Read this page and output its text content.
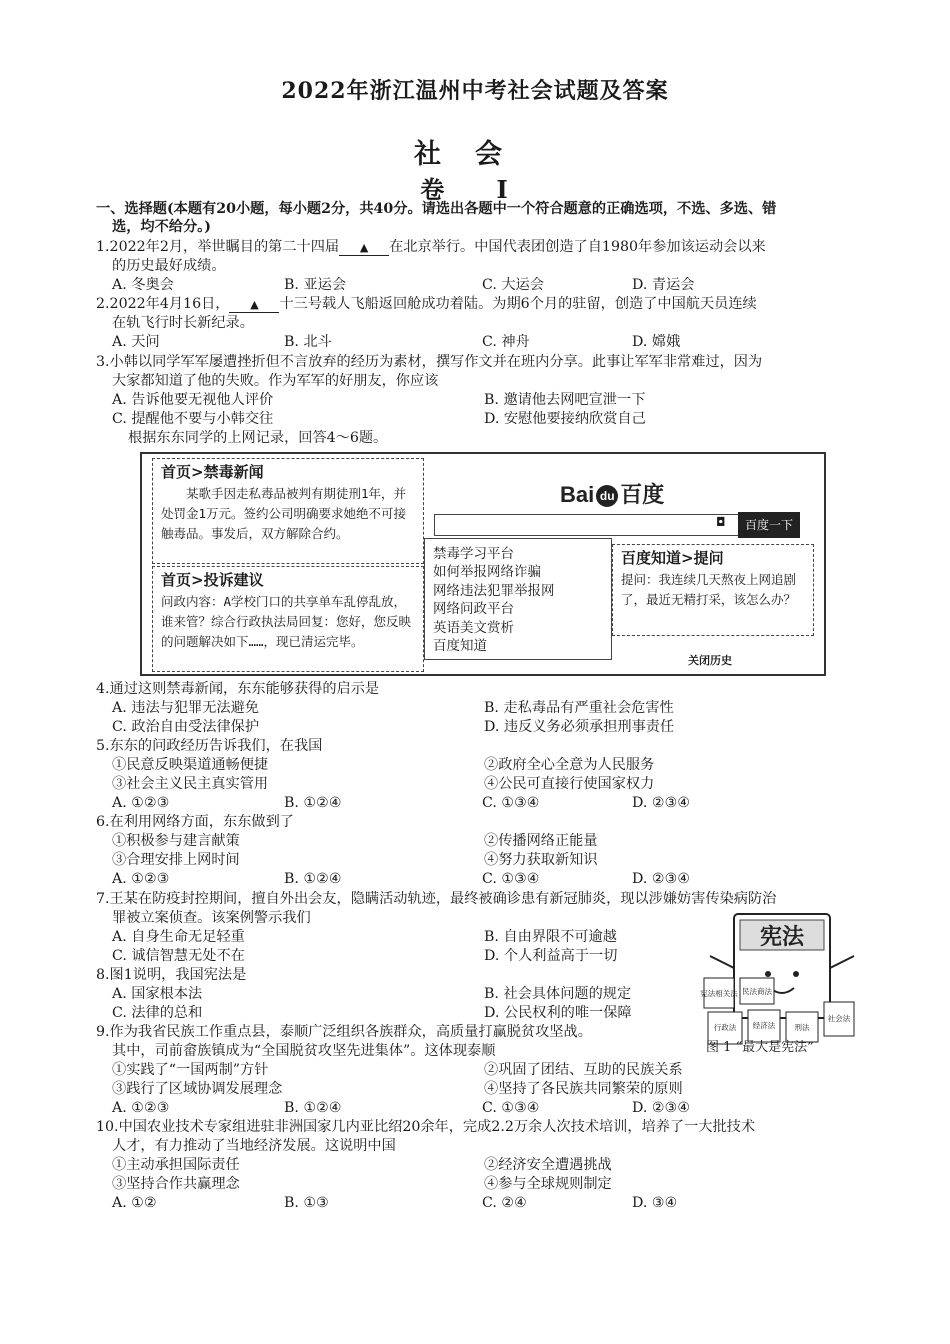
2022年浙江温州中考社会试题及答案
社会
卷 Ⅰ
一、选择题(本题有20小题，每小题2分，共40分。请选出各题中一个符合题意的正确选项，不选、多选、错
选，均不给分。)
1.2022年2月，举世瞩目的第二十四届 ▲ 在北京举行。中国代表团创造了自1980年参加该运动会以来
的历史最好成绩。
A. 冬奥会	B. 亚运会	C. 大运会	D. 青运会
2.2022年4月16日， ▲ 十三号载人飞船返回舱成功着陆。为期6个月的驻留，创造了中国航天员连续
在轨飞行时长新纪录。
A. 天问	B. 北斗	C. 神舟	D. 嫦娥
3.小韩以同学军军屡遭挫折但不言放弃的经历为素材，撰写作文并在班内分享。此事让军军非常难过，因为
大家都知道了他的失败。作为军军的好朋友，你应该
A. 告诉他要无视他人评价	B. 邀请他去网吧宣泄一下
C. 提醒他不要与小韩交往	D. 安慰他要接纳欣赏自己
根据东东同学的上网记录，回答4～6题。
首页>禁毒新闻
某歌手因走私毒品被判有期徒刑1年，并处罚金1万元。签约公司明确要求她绝不可接触毒品。事发后，双方解除合约。
首页>投诉建议
问政内容：A学校门口的共享单车乱停乱放，谁来管？综合行政执法局回复：您好，您反映的问题解决如下……，现已清运完毕。
Bai du 百度
◘	百度一下
禁毒学习平台
如何举报网络诈骗
网络违法犯罪举报网
网络问政平台
英语美文赏析
百度知道
百度知道>提问
提问：我连续几天熬夜上网追剧了，最近无精打采，该怎么办？
关闭历史
4.通过这则禁毒新闻，东东能够获得的启示是
A. 违法与犯罪无法避免	B. 走私毒品有严重社会危害性
C. 政治自由受法律保护	D. 违反义务必须承担刑事责任
5.东东的问政经历告诉我们，在我国
①民意反映渠道通畅便捷	②政府全心全意为人民服务
③社会主义民主真实管用	④公民可直接行使国家权力
A. ①②③	B. ①②④	C. ①③④	D. ②③④
6.在利用网络方面，东东做到了
①积极参与建言献策	②传播网络正能量
③合理安排上网时间	④努力获取新知识
A. ①②③	B. ①②④	C. ①③④	D. ②③④
7.王某在防疫封控期间，擅自外出会友，隐瞒活动轨迹，最终被确诊患有新冠肺炎，现以涉嫌妨害传染病防治
罪被立案侦查。该案例警示我们
A. 自身生命无足轻重	B. 自由界限不可逾越
C. 诚信智慧无处不在	D. 个人利益高于一切
8.图1说明，我国宪法是
A. 国家根本法	B. 社会具体问题的规定
C. 法律的总和	D. 公民权利的唯一保障
宪法
宪法相关法 民法商法
行政法 经济法	刑法
社会法
图 1 “最大是宪法”
9.作为我省民族工作重点县，泰顺广泛组织各族群众，高质量打赢脱贫攻坚战。
其中，司前畲族镇成为“全国脱贫攻坚先进集体”。这体现泰顺
①实践了“一国两制”方针	②巩固了团结、互助的民族关系
③践行了区域协调发展理念	④坚持了各民族共同繁荣的原则
A. ①②③	B. ①②④	C. ①③④	D. ②③④
10.中国农业技术专家组进驻非洲国家几内亚比绍20余年，完成2.2万余人次技术培训，培养了一大批技术
人才，有力推动了当地经济发展。这说明中国
①主动承担国际责任	②经济安全遭遇挑战
③坚持合作共赢理念	④参与全球规则制定
A. ①②	B. ①③	C. ②④	D. ③④
